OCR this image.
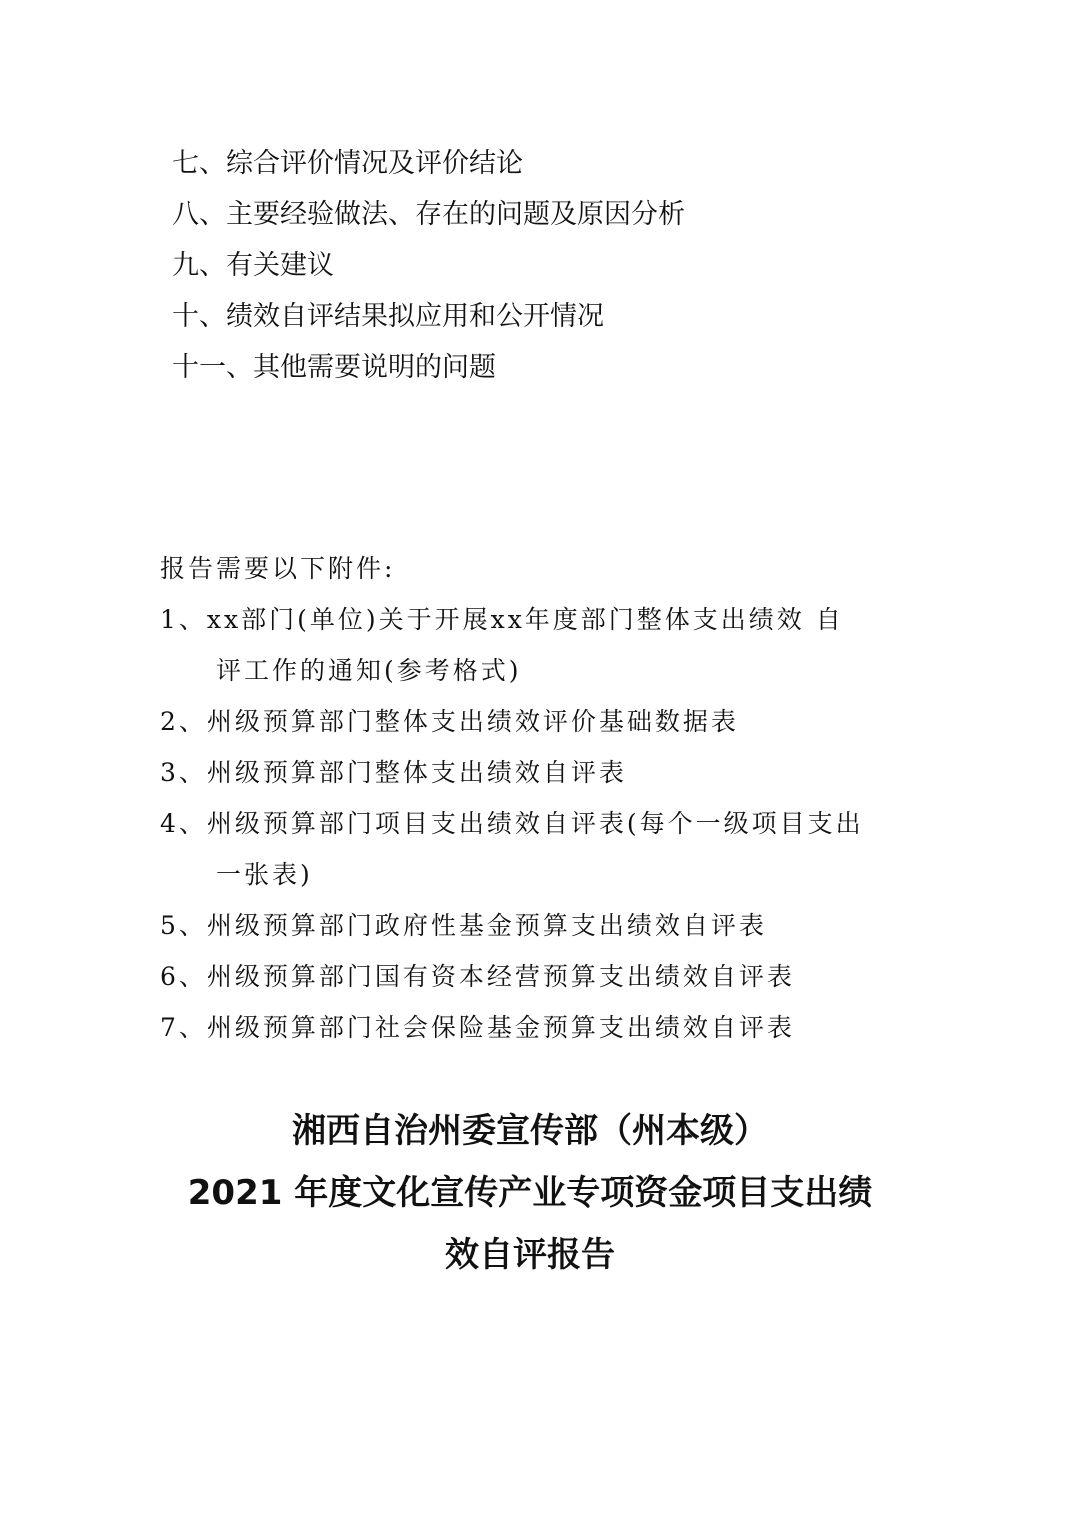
七、综合评价情况及评价结论
八、主要经验做法、存在的问题及原因分析
九、有关建议
十、绩效自评结果拟应用和公开情况
十一、其他需要说明的问题
报告需要以下附件:
1、xx部门(单位)关于开展xx年度部门整体支出绩效 自
评工作的通知(参考格式)
2、州级预算部门整体支出绩效评价基础数据表
3、州级预算部门整体支出绩效自评表
4、州级预算部门项目支出绩效自评表(每个一级项目支出
一张表)
5、州级预算部门政府性基金预算支出绩效自评表
6、州级预算部门国有资本经营预算支出绩效自评表
7、州级预算部门社会保险基金预算支出绩效自评表
湘西自治州委宣传部（州本级）
2021 年度文化宣传产业专项资金项目支出绩
效自评报告
